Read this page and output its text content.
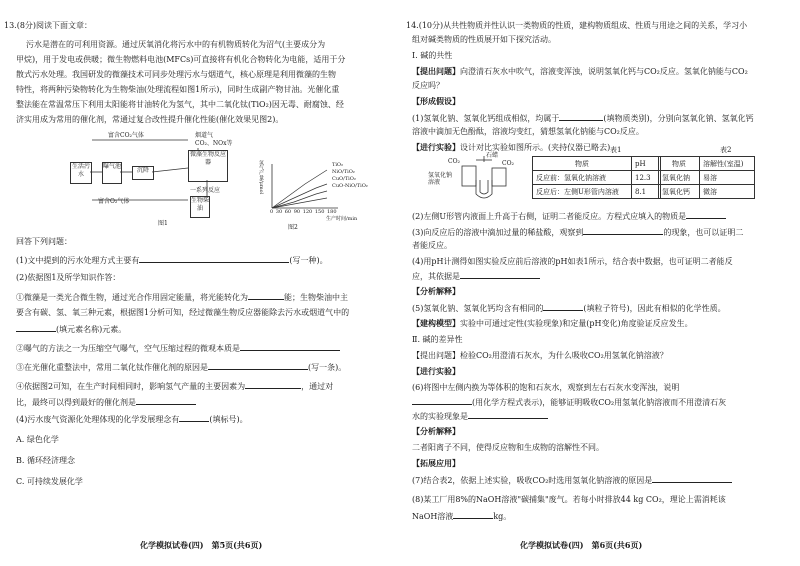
13.(8分)阅读下面文章：
污水是潜在的可利用资源。通过厌氧消化将污水中的有机物质转化为沼气(主要成分为
甲烷)，用于发电或供暖；微生物燃料电池(MFCs)可直接将有机化合物转化为电能，适用于分
散式污水处理。我国研发的微藻技术可同步处理污水与烟道气，核心原理是利用微藻的生物
特性，将两种污染物转化为生物柴油(处理流程如图1所示)，同时生成副产物甘油。光催化重
整法能在常温常压下利用太阳能将甘油转化为氢气，其中二氧化钛(TiO₂)因无毒、耐腐蚀、经
济实用成为常用的催化剂，常通过复合改性提升催化性能(催化效果见图2)。
富含CO₂气体	烟道气
CO₂、NOx等
生活污水
曝气池
沉降
微藻生物反应器
一系列反应
富含O₂气体	生物柴油
图1
氢气产量/μmol
0 30 60 90 120 150 180
生产时间/min
TiO₂
NiO/TiO₂
CuO/TiO₂
CuO-NiO/TiO₂
图2
回答下列问题：
(1)文中提到的污水处理方式主要有	(写一种)。
(2)依据图1及所学知识作答：
①微藻是一类光合微生物，通过光合作用固定能量，将光能转化为	能；生物柴油中主
要含有碳、氢、氧三种元素，根据图1分析可知，经过微藻生物反应器能除去污水或烟道气中的
(填元素名称)元素。
②曝气的方法之一为压缩空气曝气，空气压缩过程的微观本质是
③在光催化重整法中，常用二氧化钛作催化剂的原因是	(写一条)。
④依据图2可知，在生产时间相同时，影响氢气产量的主要因素为	，通过对
比，最终可以得到最好的催化剂是
(4)污水废气资源化处理体现的化学发展理念有	(填标号)。
A. 绿色化学
B. 循环经济理念
C. 可持续发展化学
化学模拟试卷(四)　第5页(共6页)
14.(10分)从共性物质并性认识一类物质的性质，建构物质组成、性质与用途之间的关系，学习小
组对碱类物质的性质展开如下探究活动。
Ⅰ. 碱的共性
【提出问题】向澄清石灰水中吹气，溶液变浑浊，说明氢氧化钙与CO₂反应。氢氧化钠能与CO₂
反应吗？
【形成假设】
(1)氢氧化钠、氢氧化钙组成相似，均属于	(填物质类别)，分别向氢氧化钠、氢氧化钙
溶液中滴加无色酚酞，溶液均变红，猜想氢氧化钠能与CO₂反应。
【进行实验】设计对比实验如图所示。(夹持仪器已略去)
石蜡
CO₂	CO₂
氢氧化钠溶液
表1
物质	pH
反应前：氢氧化钠溶液	12.3
反应后：左侧U形管内溶液	8.1
表2
物质	溶解性(室温)
氢氧化钠	易溶
氢氧化钙	微溶
(2)左侧U形管内液面上升高于右侧，证明二者能反应。方程式应填入的物质是
(3)向反应后的溶液中滴加过量的稀盐酸，观察到	的现象，也可以证明二
者能反应。
(4)用pH计测得如图实验反应前后溶液的pH如表1所示，结合表中数据，也可证明二者能反
应，其依据是
【分析解释】
(5)氢氧化钠、氢氧化钙均含有相同的	(填粒子符号)，因此有相似的化学性质。
【建构模型】实验中可通过定性(实验现象)和定量(pH变化)角度验证反应发生。
Ⅱ. 碱的差异性
【提出问题】检验CO₂用澄清石灰水，为什么吸收CO₂用氢氧化钠溶液？
【进行实验】
(6)将图中左侧内换为等体积的饱和石灰水，观察到左右石灰水变浑浊，说明
(用化学方程式表示)，能够证明吸收CO₂用氢氧化钠溶液而不用澄清石灰
水的实验现象是
【分析解释】
二者阳离子不同，使得反应物和生成物的溶解性不同。
【拓展应用】
(7)结合表2，依据上述实验，吸收CO₂时选用氢氧化钠溶液的原因是
(8)某工厂用8%的NaOH溶液"碳捕集"废气。若每小时排放44 kg CO₂，理论上需消耗该
NaOH溶液	kg。
化学模拟试卷(四)　第6页(共6页)
